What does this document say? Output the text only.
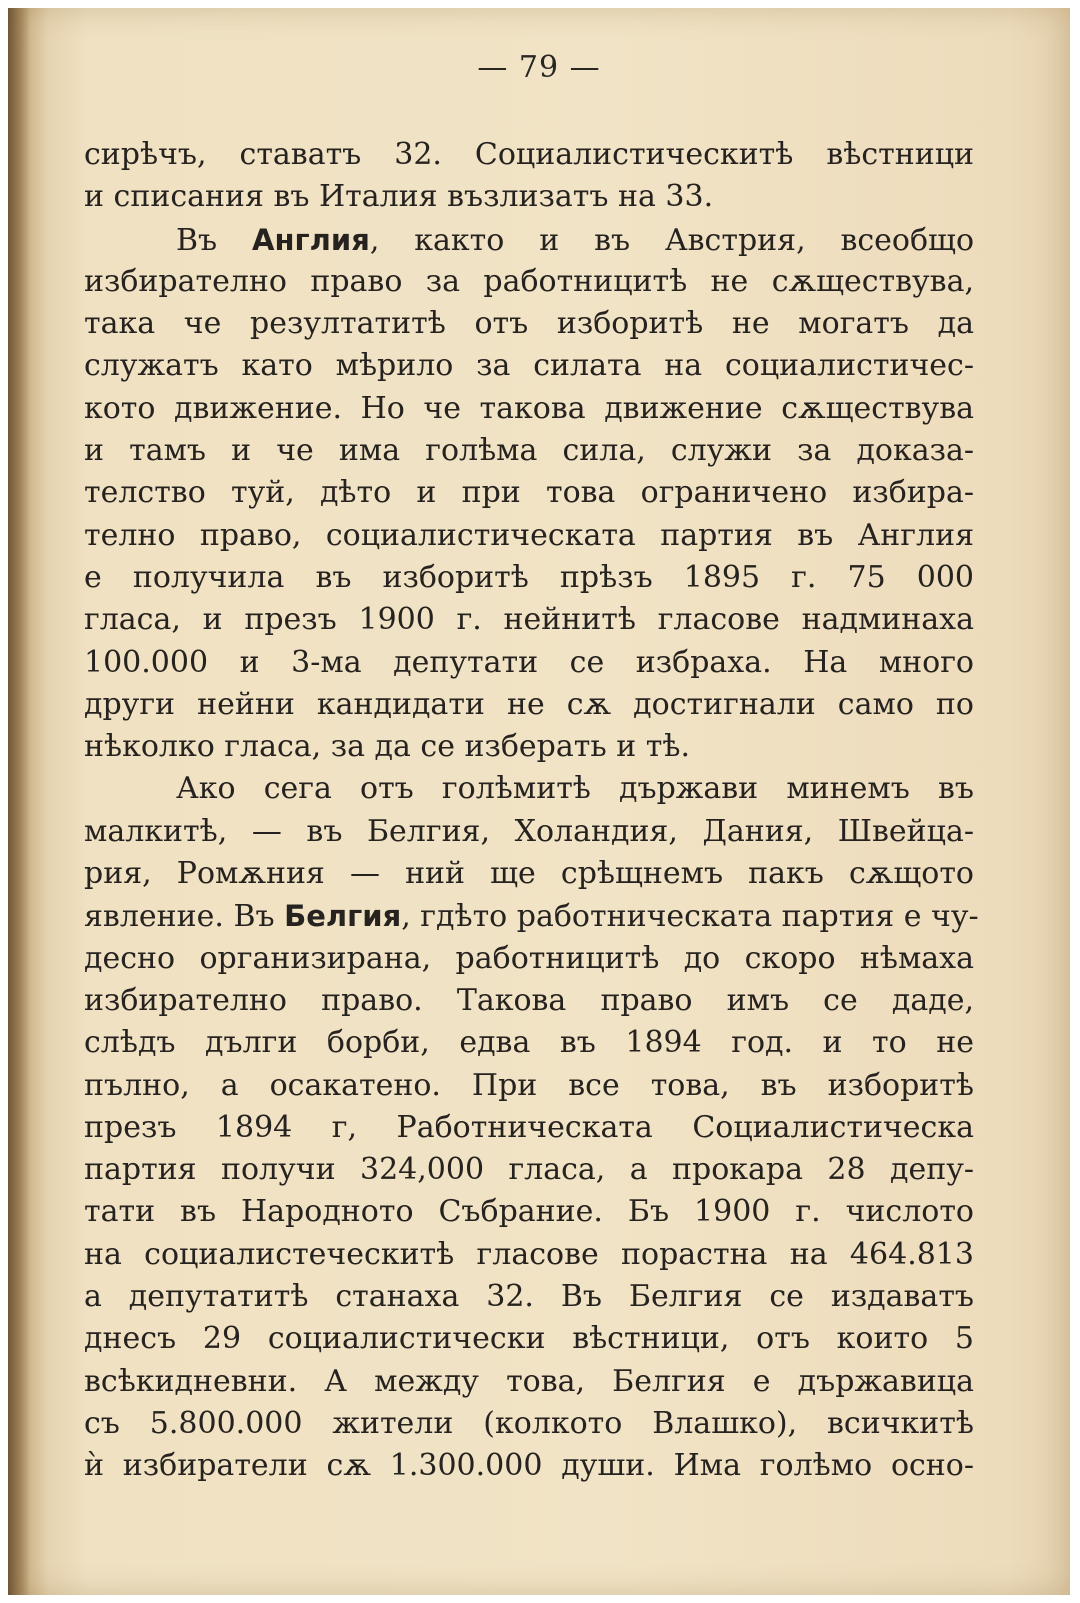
— 79 —
сирѣчъ, ставатъ 32. Социалистическитѣ вѣстници
и списания въ Италия възлизатъ на 33.
Въ Англия, както и въ Австрия, всеобщо
избирателно право за работницитѣ не сѫществува,
така че резултатитѣ отъ изборитѣ не могатъ да
служатъ като мѣрило за силата на социалистичес-
кото движение. Но че такова движение сѫществува
и тамъ и че има голѣма сила, служи за доказа-
телство туй, дѣто и при това ограничено избира-
телно право, социалистическата партия въ Англия
е получила въ изборитѣ прѣзъ 1895 г. 75 000
гласа, и презъ 1900 г. нейнитѣ гласове надминаха
100.000 и 3-ма депутати се избраха. На много
други нейни кандидати не сѫ достигнали само по
нѣколко гласа, за да се изберать и тѣ.
Ако сега отъ голѣмитѣ държави минемъ въ
малкитѣ, — въ Белгия, Холандия, Дания, Швейца-
рия, Ромѫния — ний ще срѣщнемъ пакъ сѫщото
явление. Въ Белгия, гдѣто работническата партия е чу-
десно организирана, работницитѣ до скоро нѣмаха
избирателно право. Такова право имъ се даде,
слѣдъ дълги борби, едва въ 1894 год. и то не
пълно, а осакатено. При все това, въ изборитѣ
презъ 1894 г, Работническата Социалистическа
партия получи 324,000 гласа, а прокара 28 депу-
тати въ Народното Събрание. Бъ 1900 г. числото
на социалистеческитѣ гласове порастна на 464.813
а депутатитѣ станаха 32. Въ Белгия се издаватъ
днесъ 29 социалистически вѣстници, отъ които 5
всѣкидневни. А между това, Белгия е държавица
съ 5.800.000 жители (колкото Влашко), всичкитѣ
ѝ избиратели сѫ 1.300.000 души. Има голѣмо осно-
